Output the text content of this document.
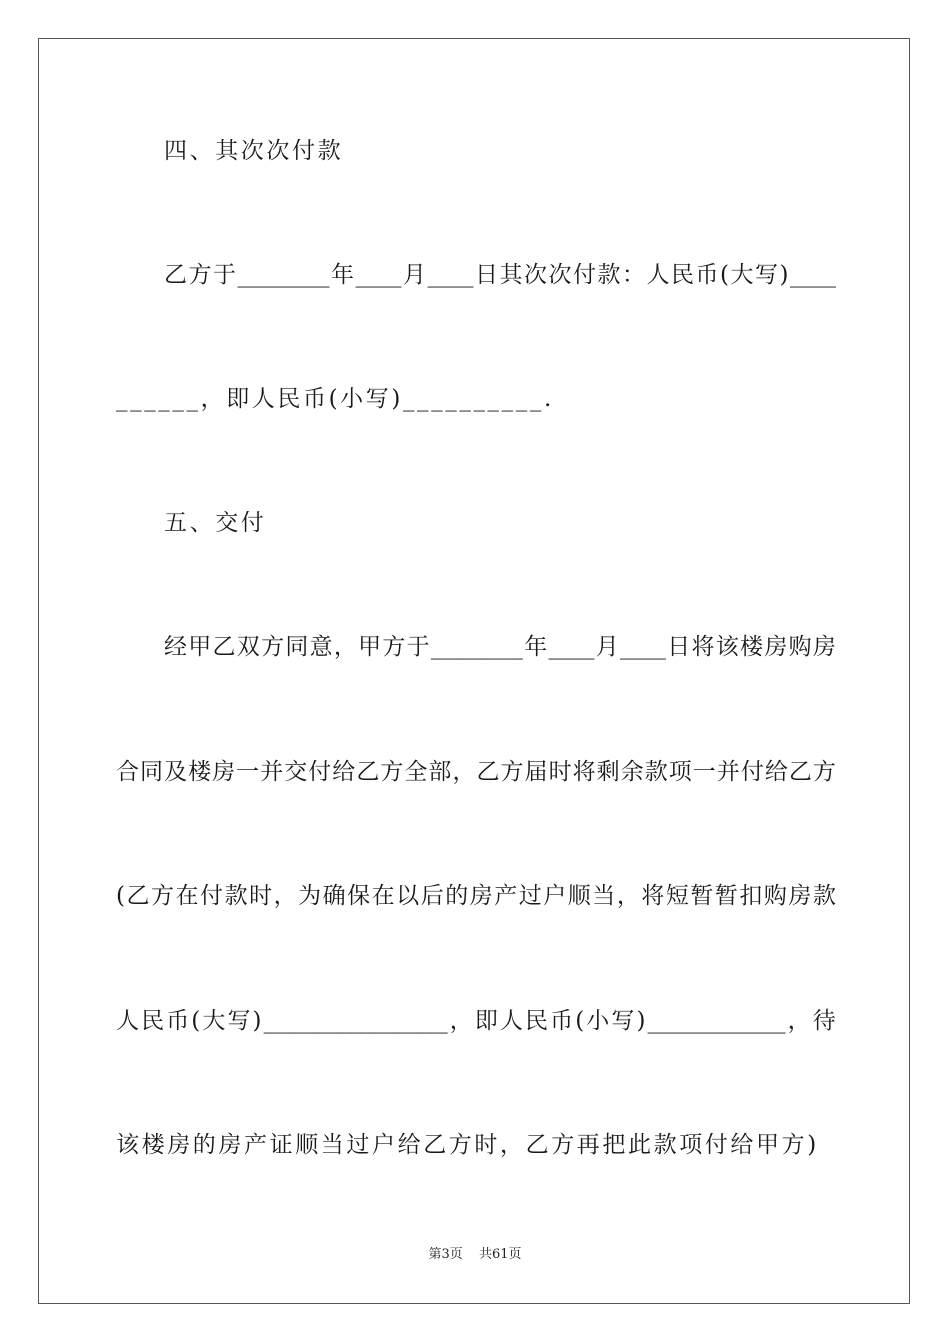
四、其次次付款
乙 方 于 ________ 年 ____ 月 ____ 日 其 次 次 付 款 ： 人 民 币 ( 大 写 ) ____
______，即人民币(小写)__________.
五、交付
经 甲 乙 双 方 同 意 ， 甲 方 于 ________ 年 ____ 月 ____ 日 将 该 楼 房 购 房
合 同 及 楼 房 一 并 交 付 给 乙 方 全 部 ， 乙 方 届 时 将 剩 余 款 项 一 并 付 给 乙 方
( 乙 方 在 付 款 时 ， 为 确 保 在 以 后 的 房 产 过 户 顺 当 ， 将 短 暂 暂 扣 购 房 款
人 民 币 ( 大 写 ) ________________ ， 即 人 民 币 ( 小 写 ) ____________ ， 待
该楼房的房产证顺当过户给乙方时，乙方再把此款项付给甲方)
第3页 共61页
